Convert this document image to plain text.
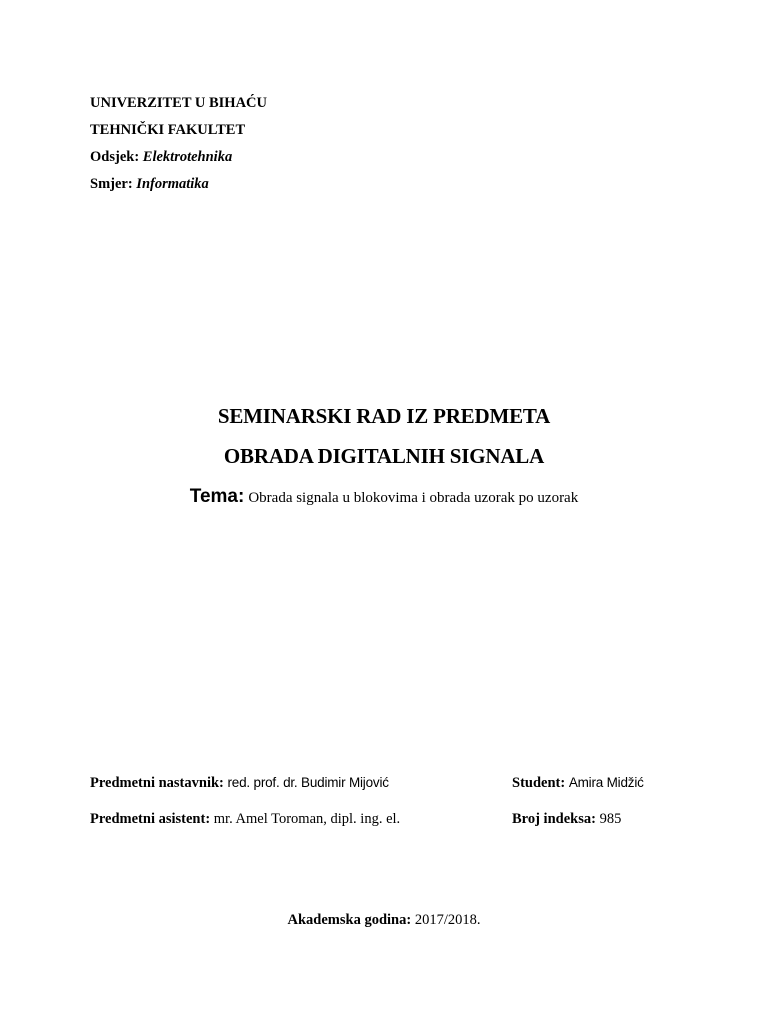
UNIVERZITET U BIHAĆU
TEHNIČKI FAKULTET
Odsjek: Elektrotehnika
Smjer: Informatika
SEMINARSKI RAD IZ PREDMETA
OBRADA DIGITALNIH SIGNALA
Tema: Obrada signala u blokovima i obrada uzorak po uzorak
Predmetni nastavnik: red. prof. dr. Budimir Mijović	Student: Amira Midžić
Predmetni asistent: mr. Amel Toroman, dipl. ing. el.	Broj indeksa: 985
Akademska godina: 2017/2018.
